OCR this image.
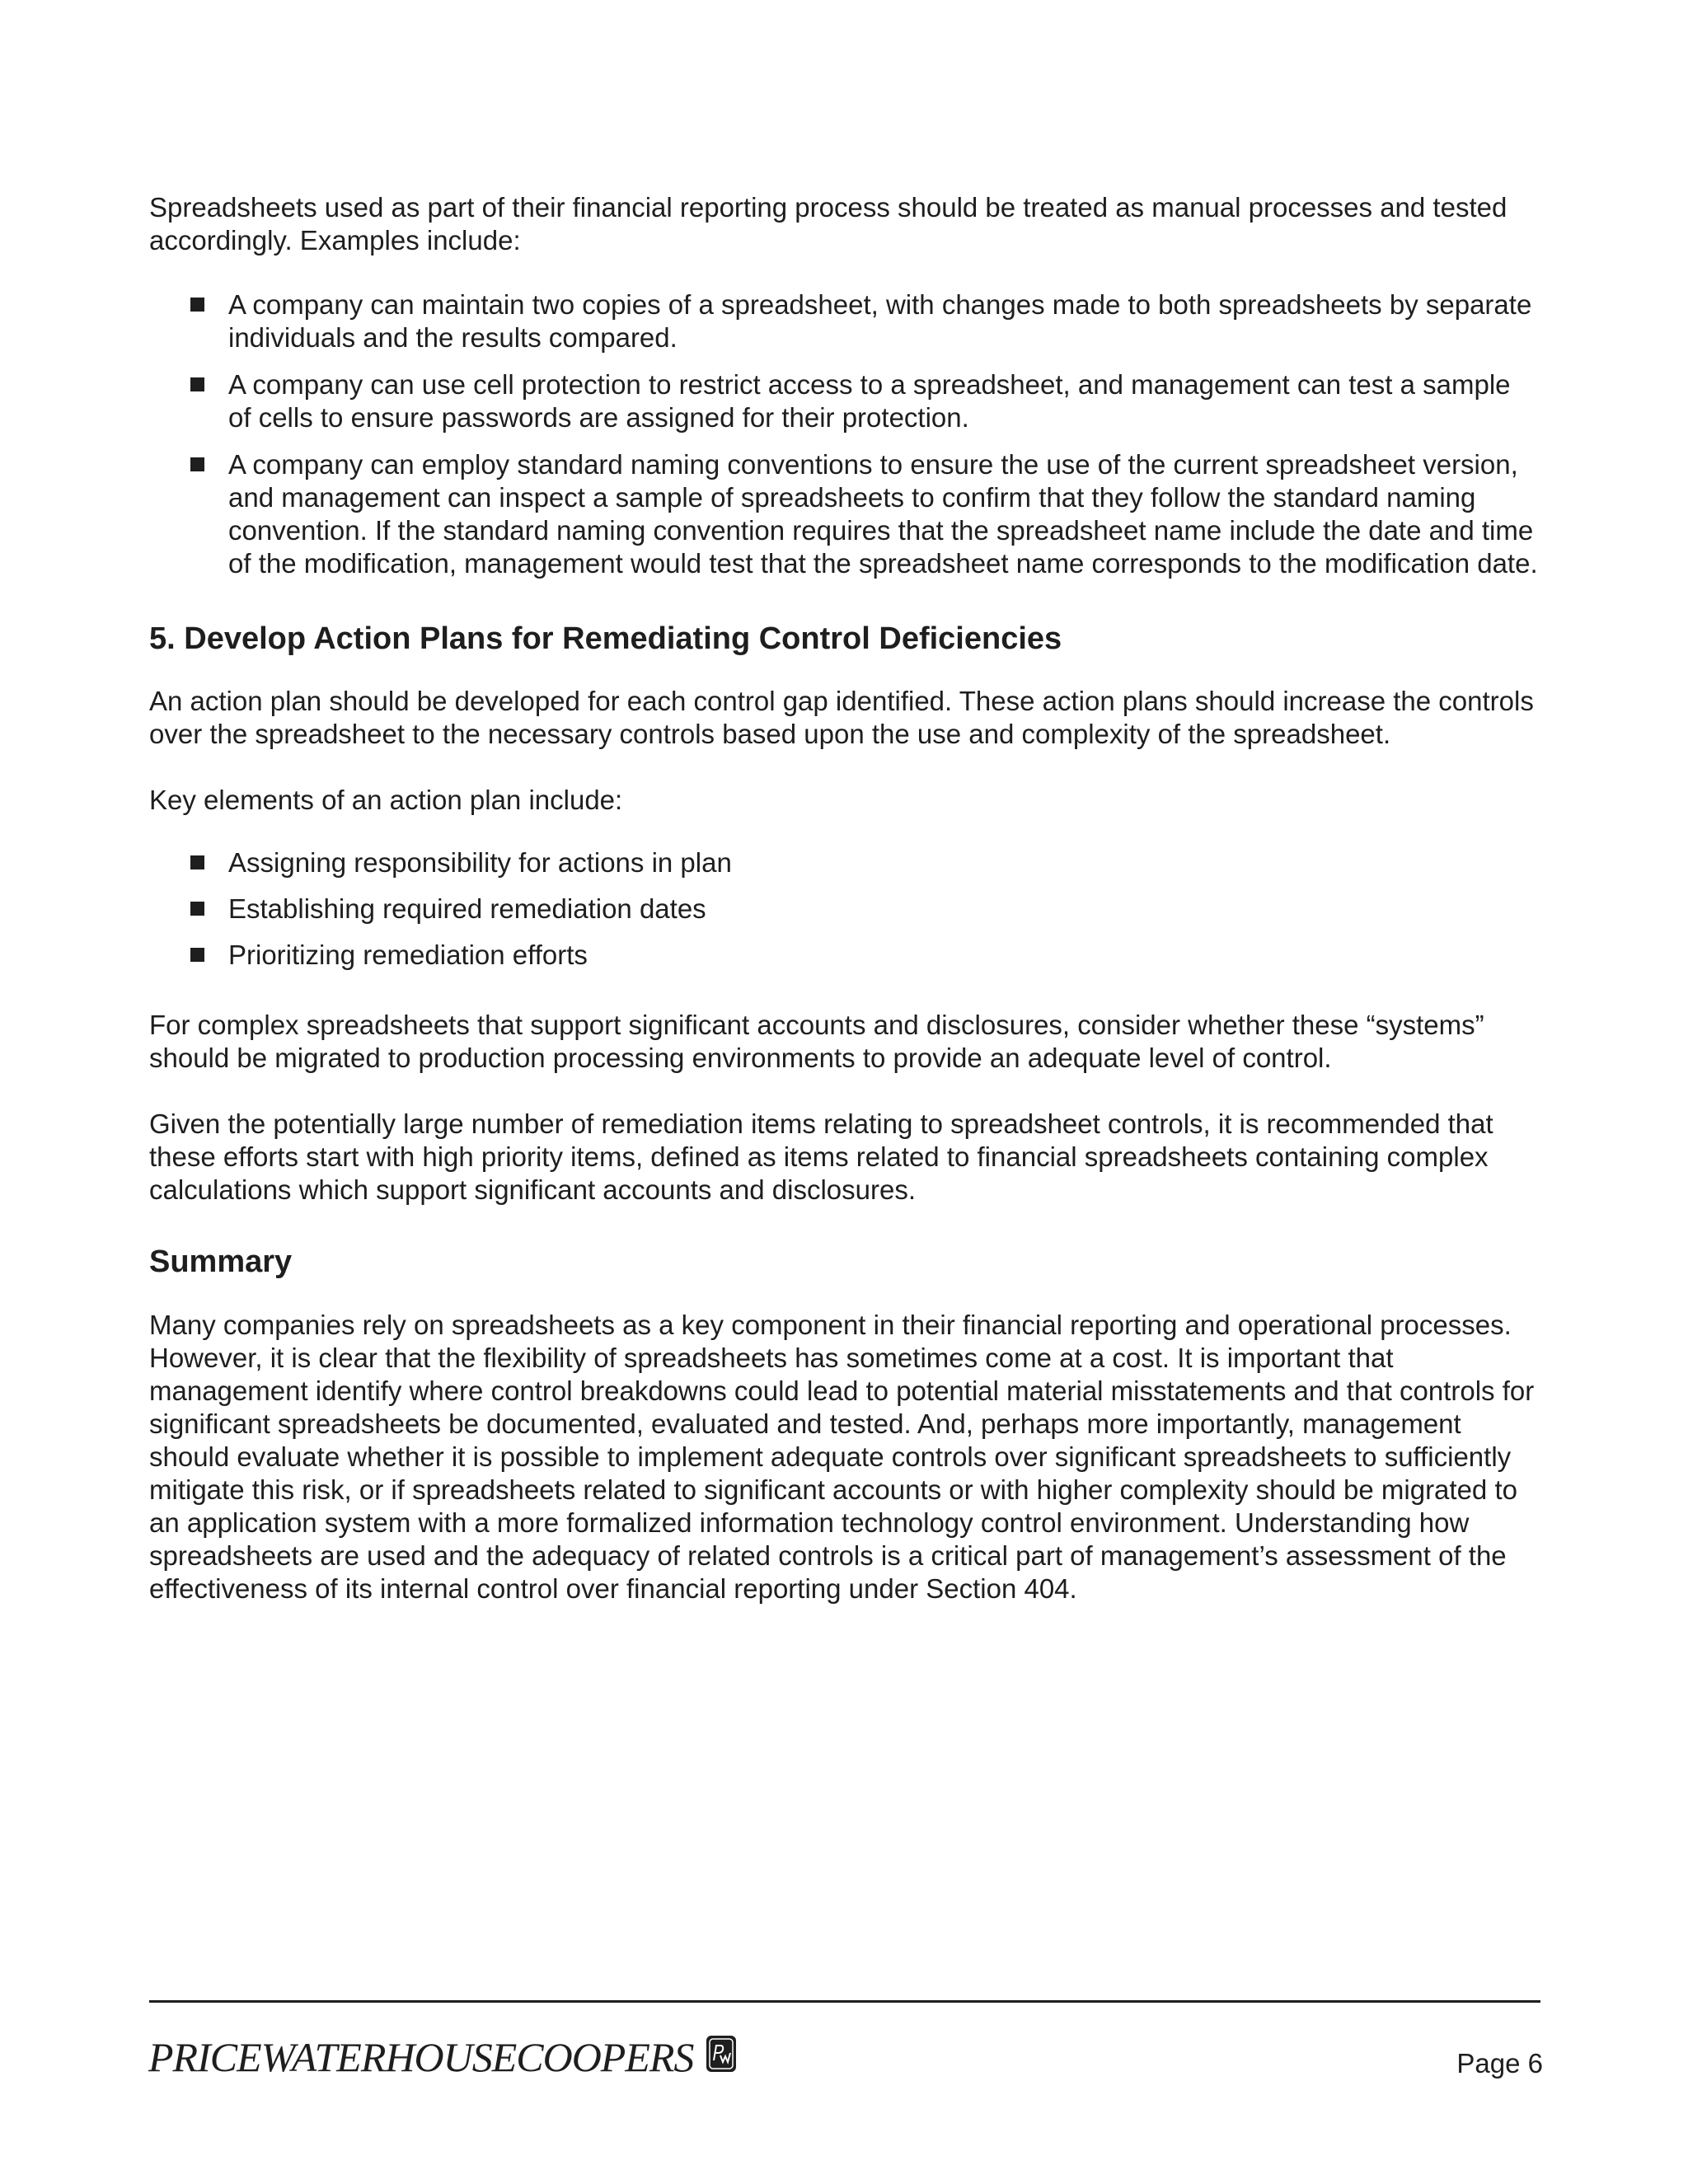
Spreadsheets used as part of their financial reporting process should be treated as manual processes and tested accordingly. Examples include:

A company can maintain two copies of a spreadsheet, with changes made to both spreadsheets by separate individuals and the results compared.
A company can use cell protection to restrict access to a spreadsheet, and management can test a sample of cells to ensure passwords are assigned for their protection.
A company can employ standard naming conventions to ensure the use of the current spreadsheet version, and management can inspect a sample of spreadsheets to confirm that they follow the standard naming convention. If the standard naming convention requires that the spreadsheet name include the date and time of the modification, management would test that the spreadsheet name corresponds to the modification date.
5. Develop Action Plans for Remediating Control Deficiencies

An action plan should be developed for each control gap identified. These action plans should increase the controls over the spreadsheet to the necessary controls based upon the use and complexity of the spreadsheet.

Key elements of an action plan include:

Assigning responsibility for actions in plan
Establishing required remediation dates
Prioritizing remediation efforts

For complex spreadsheets that support significant accounts and disclosures, consider whether these “systems” should be migrated to production processing environments to provide an adequate level of control.

Given the potentially large number of remediation items relating to spreadsheet controls, it is recommended that these efforts start with high priority items, defined as items related to financial spreadsheets containing complex calculations which support significant accounts and disclosures.

Summary

Many companies rely on spreadsheets as a key component in their financial reporting and operational processes. However, it is clear that the flexibility of spreadsheets has sometimes come at a cost. It is important that management identify where control breakdowns could lead to potential material misstatements and that controls for significant spreadsheets be documented, evaluated and tested. And, perhaps more importantly, management should evaluate whether it is possible to implement adequate controls over significant spreadsheets to sufficiently mitigate this risk, or if spreadsheets related to significant accounts or with higher complexity should be migrated to an application system with a more formalized information technology control environment. Understanding how spreadsheets are used and the adequacy of related controls is a critical part of management’s assessment of the effectiveness of its internal control over financial reporting under Section 404.

PRICEWATERHOUSECOOPERS	Page 6
